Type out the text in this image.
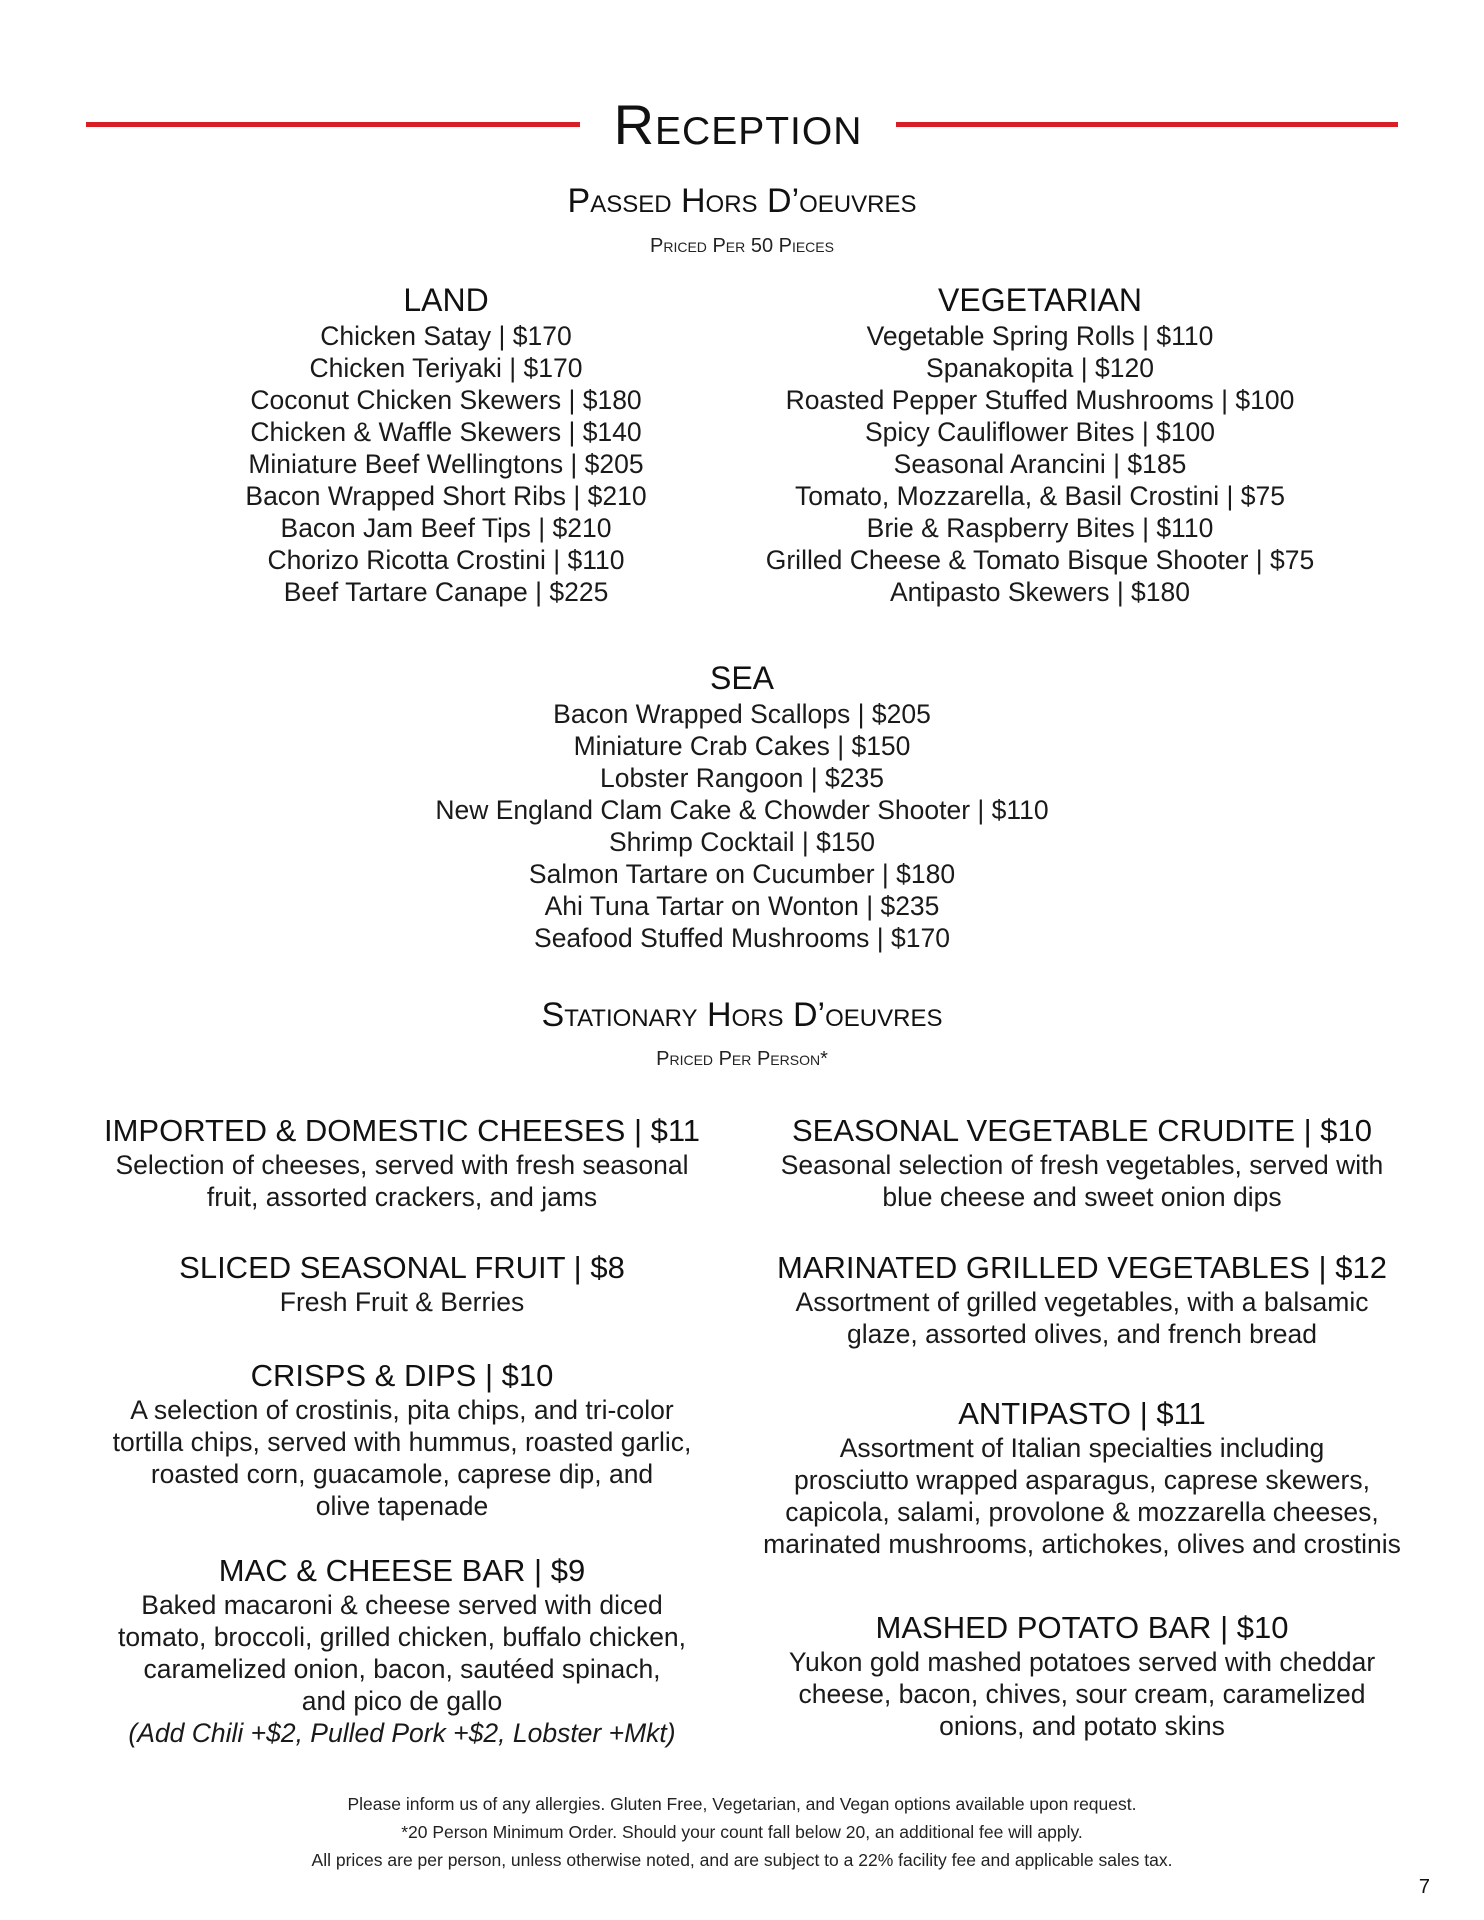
Reception
Passed Hors D’oeuvres
Priced Per 50 Pieces
LAND
Chicken Satay | $170
Chicken Teriyaki | $170
Coconut Chicken Skewers | $180
Chicken & Waffle Skewers | $140
Miniature Beef Wellingtons | $205
Bacon Wrapped Short Ribs | $210
Bacon Jam Beef Tips | $210
Chorizo Ricotta Crostini | $110
Beef Tartare Canape | $225
VEGETARIAN
Vegetable Spring Rolls | $110
Spanakopita | $120
Roasted Pepper Stuffed Mushrooms | $100
Spicy Cauliflower Bites | $100
Seasonal Arancini | $185
Tomato, Mozzarella, & Basil Crostini | $75
Brie & Raspberry Bites | $110
Grilled Cheese & Tomato Bisque Shooter | $75
Antipasto Skewers | $180
SEA
Bacon Wrapped Scallops | $205
Miniature Crab Cakes | $150
Lobster Rangoon | $235
New England Clam Cake & Chowder Shooter | $110
Shrimp Cocktail | $150
Salmon Tartare on Cucumber | $180
Ahi Tuna Tartar on Wonton | $235
Seafood Stuffed Mushrooms | $170
Stationary Hors D’oeuvres
Priced Per Person*
IMPORTED & DOMESTIC CHEESES | $11
Selection of cheeses, served with fresh seasonal
fruit, assorted crackers, and jams
SLICED SEASONAL FRUIT | $8
Fresh Fruit & Berries
CRISPS & DIPS | $10
A selection of crostinis, pita chips, and tri-color
tortilla chips, served with hummus, roasted garlic,
roasted corn, guacamole, caprese dip, and
olive tapenade
MAC & CHEESE BAR | $9
Baked macaroni & cheese served with diced
tomato, broccoli, grilled chicken, buffalo chicken,
caramelized onion, bacon, sautéed spinach,
and pico de gallo
(Add Chili +$2, Pulled Pork +$2, Lobster +Mkt)
SEASONAL VEGETABLE CRUDITE | $10
Seasonal selection of fresh vegetables, served with
blue cheese and sweet onion dips
MARINATED GRILLED VEGETABLES | $12
Assortment of grilled vegetables, with a balsamic
glaze, assorted olives, and french bread
ANTIPASTO | $11
Assortment of Italian specialties including
prosciutto wrapped asparagus, caprese skewers,
capicola, salami, provolone & mozzarella cheeses,
marinated mushrooms, artichokes, olives and crostinis
MASHED POTATO BAR | $10
Yukon gold mashed potatoes served with cheddar
cheese, bacon, chives, sour cream, caramelized
onions, and potato skins
Please inform us of any allergies. Gluten Free, Vegetarian, and Vegan options available upon request.
*20 Person Minimum Order. Should your count fall below 20, an additional fee will apply.
All prices are per person, unless otherwise noted, and are subject to a 22% facility fee and applicable sales tax.
7
